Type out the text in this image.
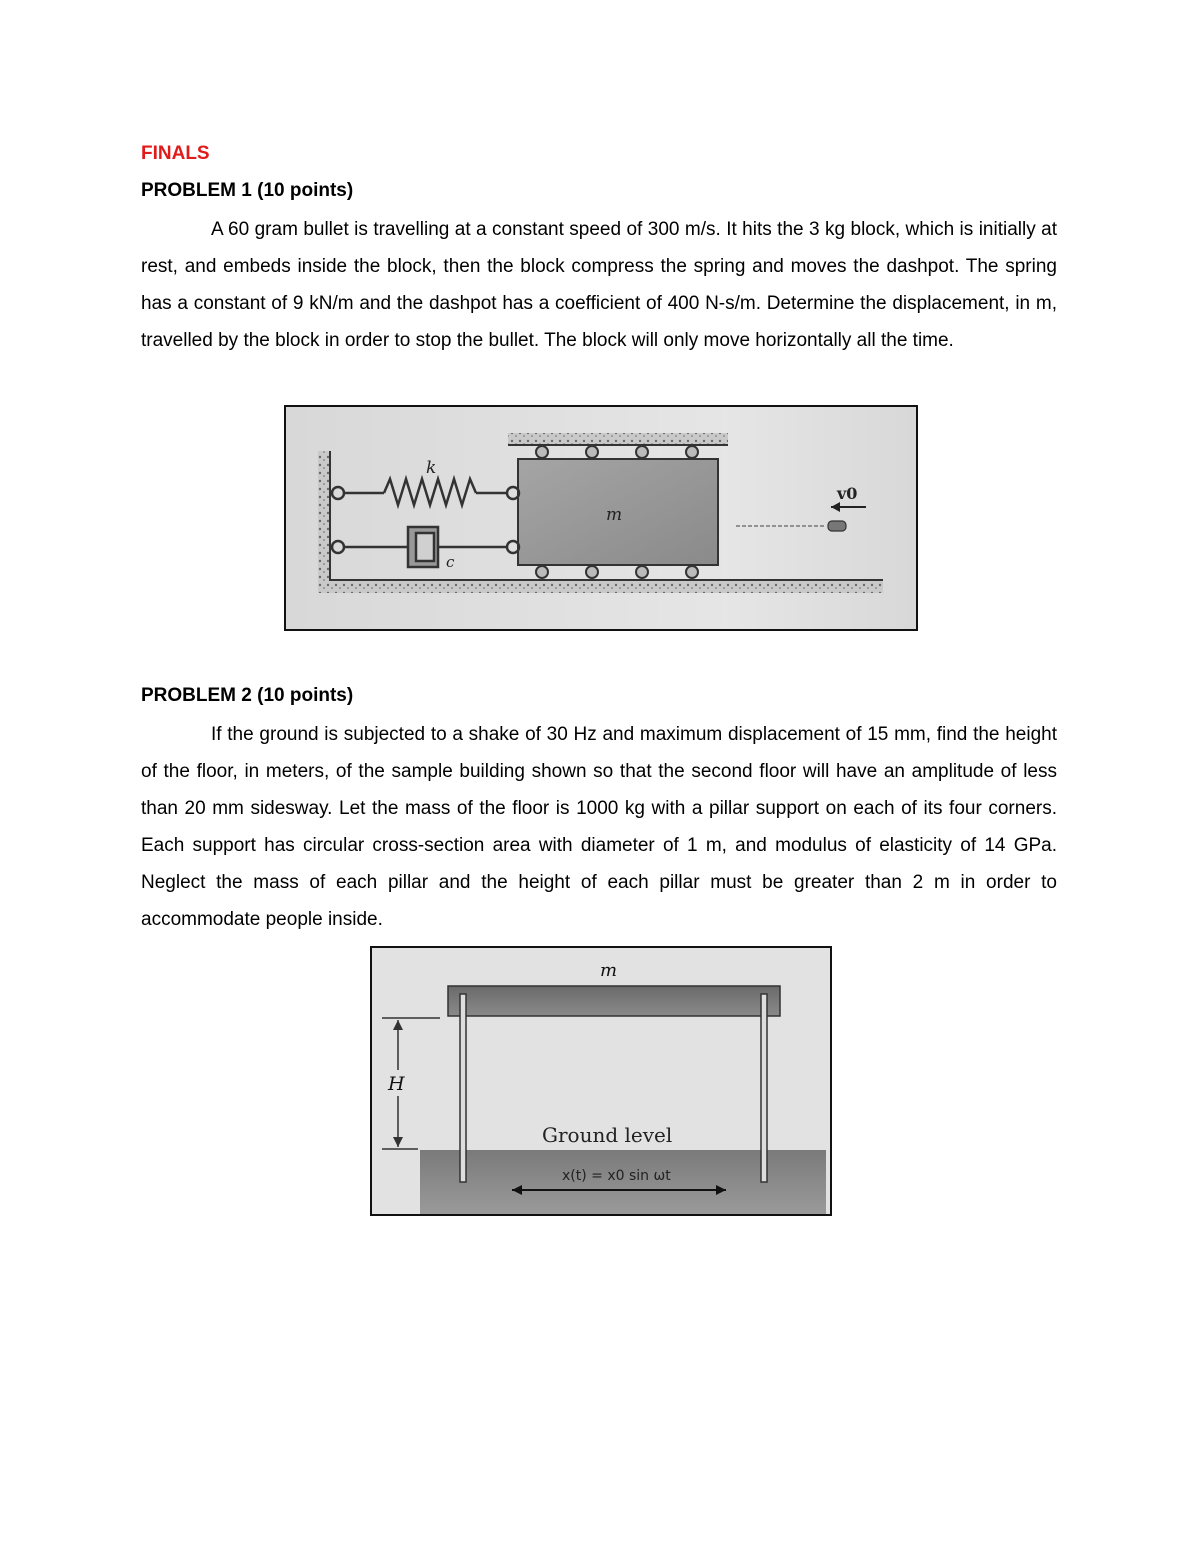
FINALS
PROBLEM 1 (10 points)

A 60 gram bullet is travelling at a constant speed of 300 m/s. It hits the 3 kg block, which is initially at rest, and embeds inside the block, then the block compress the spring and moves the dashpot. The spring has a constant of 9 kN/m and the dashpot has a coefficient of 400 N-s/m. Determine the displacement, in m, travelled by the block in order to stop the bullet. The block will only move horizontally all the time.

k
c
m
v0
PROBLEM 2 (10 points)

If the ground is subjected to a shake of 30 Hz and maximum displacement of 15 mm, find the height of the floor, in meters, of the sample building shown so that the second floor will have an amplitude of less than 20 mm sidesway. Let the mass of the floor is 1000 kg with a pillar support on each of its four corners. Each support has circular cross-section area with diameter of 1 m, and modulus of elasticity of 14 GPa. Neglect the mass of each pillar and the height of each pillar must be greater than 2 m in order to accommodate people inside.

m
H
Ground level
x(t) = x0 sin ωt
